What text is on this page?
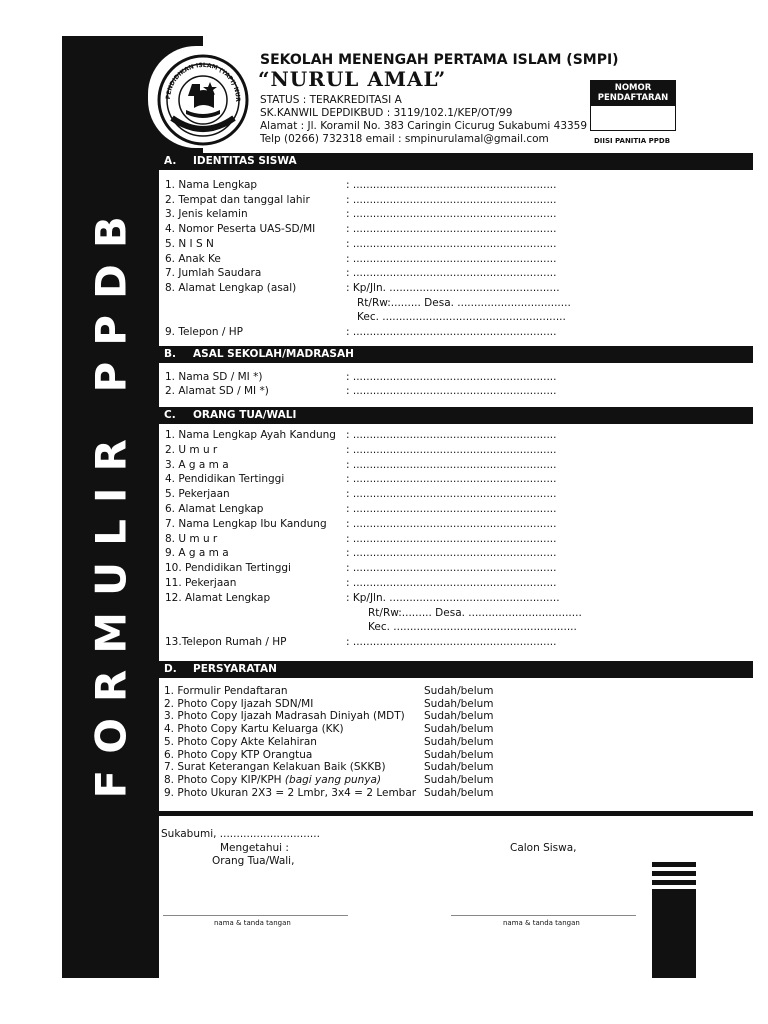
FORMULIR PPDB
PENDIDIKAN ISLAM (YAPI) NUR
SEKOLAH MENENGAH PERTAMA ISLAM (SMPI)
“NURUL AMAL”
STATUS : TERAKREDITASI A
SK.KANWIL DEPDIKBUD : 3119/102.1/KEP/OT/99
Alamat : Jl. Koramil No. 383 Caringin Cicurug Sukabumi 43359
Telp (0266) 732318 email : smpinurulamal@gmail.com
NOMOR
PENDAFTARAN
DIISI PANITIA PPDB
A. IDENTITAS SISWA
1. Nama Lengkap	: .............................................................
2. Tempat dan tanggal lahir	: .............................................................
3. Jenis kelamin	: .............................................................
4. Nomor Peserta UAS-SD/MI	: .............................................................
5. N I S N	: .............................................................
6. Anak Ke	: .............................................................
7. Jumlah Saudara	: .............................................................
8. Alamat Lengkap (asal)	: Kp/Jln. ...................................................
Rt/Rw:......... Desa. ..................................
Kec. .......................................................
9. Telepon / HP	: .............................................................
B. ASAL SEKOLAH/MADRASAH
1. Nama SD / MI *)	: .............................................................
2. Alamat SD / MI *)	: .............................................................
C. ORANG TUA/WALI
1. Nama Lengkap Ayah Kandung : .............................................................
2. U m u r	: .............................................................
3. A g a m a	: .............................................................
4. Pendidikan Tertinggi	: .............................................................
5. Pekerjaan	: .............................................................
6. Alamat Lengkap	: .............................................................
7. Nama Lengkap Ibu Kandung : .............................................................
8. U m u r	: .............................................................
9. A g a m a	: .............................................................
10. Pendidikan Tertinggi	: .............................................................
11. Pekerjaan	: .............................................................
12. Alamat Lengkap	: Kp/Jln. ...................................................
Rt/Rw:......... Desa. ..................................
Kec. .......................................................
13.Telepon Rumah / HP	: .............................................................
D. PERSYARATAN
1. Formulir Pendaftaran	Sudah/belum
2. Photo Copy Ijazah SDN/MI	Sudah/belum
3. Photo Copy Ijazah Madrasah Diniyah (MDT) Sudah/belum
4. Photo Copy Kartu Keluarga (KK)	Sudah/belum
5. Photo Copy Akte Kelahiran	Sudah/belum
6. Photo Copy KTP Orangtua	Sudah/belum
7. Surat Keterangan Kelakuan Baik (SKKB)	Sudah/belum
8. Photo Copy KIP/KPH (bagi yang punya)	Sudah/belum
9. Photo Ukuran 2X3 = 2 Lmbr, 3x4 = 2 Lembar Sudah/belum
Sukabumi, ..............................
Mengetahui :	Calon Siswa,
Orang Tua/Wali,
nama & tanda tangan	nama & tanda tangan
